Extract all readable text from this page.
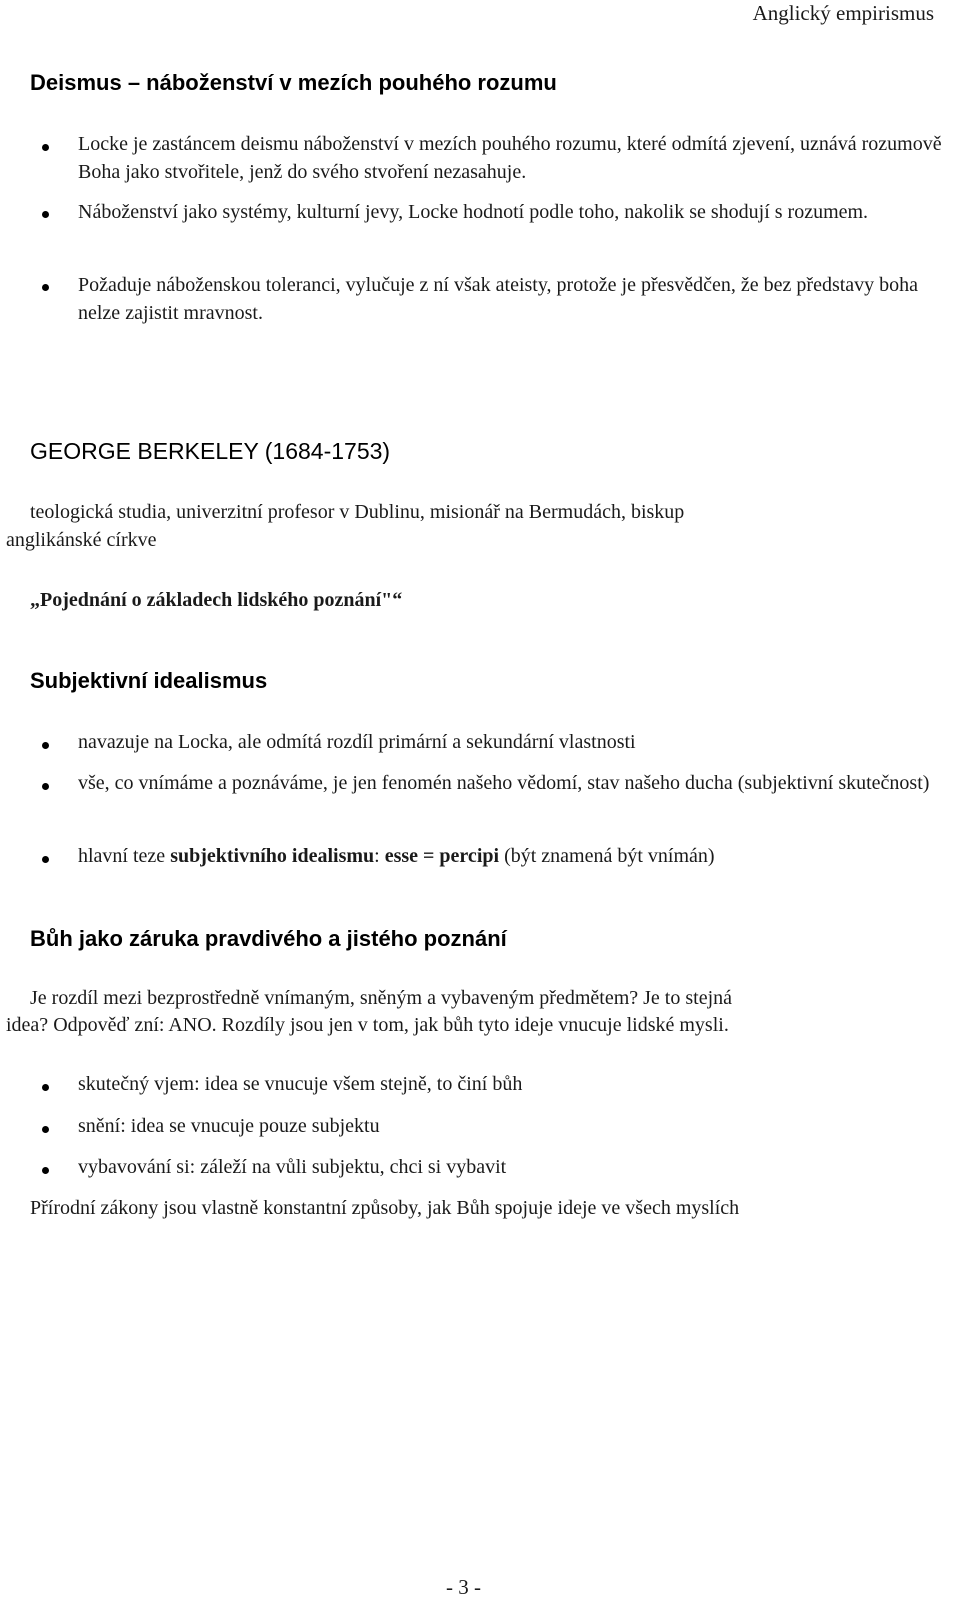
Anglický empirismus
Deismus – náboženství v mezích pouhého rozumu
Locke je zastáncem deismu náboženství v mezích pouhého rozumu, které odmítá zjevení, uznává rozumově Boha jako stvořitele, jenž do svého stvoření nezasahuje.
Náboženství jako systémy, kulturní jevy, Locke hodnotí podle toho, nakolik se shodují s rozumem.
Požaduje náboženskou toleranci, vylučuje z ní však ateisty, protože je přesvědčen, že bez představy boha nelze zajistit mravnost.
GEORGE BERKELEY (1684-1753)
teologická studia, univerzitní profesor v Dublinu, misionář na Bermudách, biskup
anglikánské církve
„Pojednání o základech lidského poznání"“
Subjektivní idealismus
navazuje na Locka, ale odmítá rozdíl primární a sekundární vlastnosti
vše, co vnímáme a poznáváme, je jen fenomén našeho vědomí, stav našeho ducha (subjektivní skutečnost)
hlavní teze subjektivního idealismu: esse = percipi (být znamená být vnímán)
Bůh jako záruka pravdivého a jistého poznání
Je rozdíl mezi bezprostředně vnímaným, sněným a vybaveným předmětem? Je to stejná
idea? Odpověď zní: ANO. Rozdíly jsou jen v tom, jak bůh tyto ideje vnucuje lidské mysli.
skutečný vjem: idea se vnucuje všem stejně, to činí bůh
snění: idea se vnucuje pouze subjektu
vybavování si: záleží na vůli subjektu, chci si vybavit
Přírodní zákony jsou vlastně konstantní způsoby, jak Bůh spojuje ideje ve všech myslích
- 3 -
